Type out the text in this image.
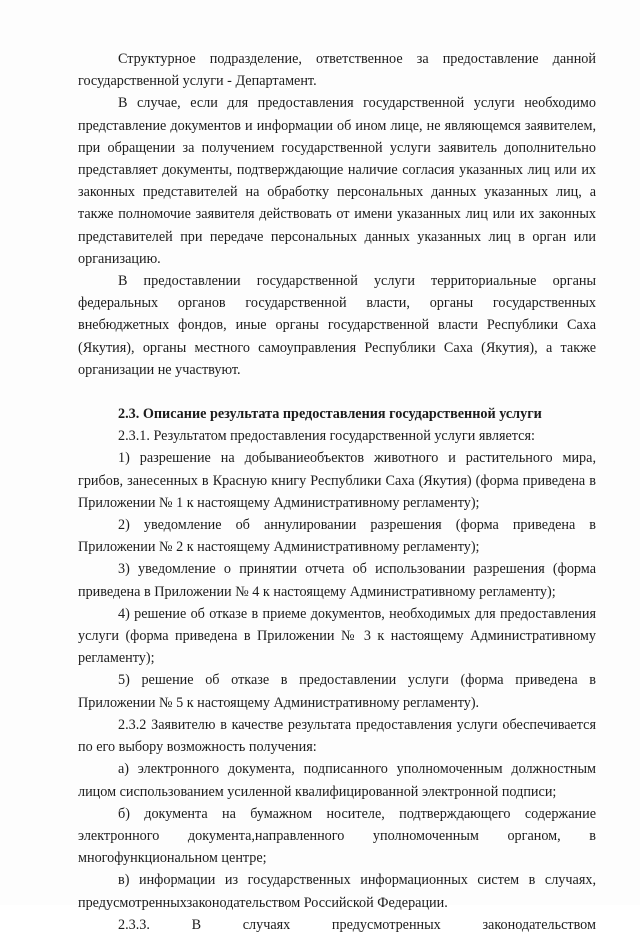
Структурное подразделение, ответственное за предоставление данной государственной услуги - Департамент.

В случае, если для предоставления государственной услуги необходимо представление документов и информации об ином лице, не являющемся заявителем, при обращении за получением государственной услуги заявитель дополнительно представляет документы, подтверждающие наличие согласия указанных лиц или их законных представителей на обработку персональных данных указанных лиц, а также полномочие заявителя действовать от имени указанных лиц или их законных представителей при передаче персональных данных указанных лиц в орган или организацию.

В предоставлении государственной услуги территориальные органы федеральных органов государственной власти, органы государственных внебюджетных фондов, иные органы государственной власти Республики Саха (Якутия), органы местного самоуправления Республики Саха (Якутия), а также организации не участвуют.

2.3. Описание результата предоставления государственной услуги

2.3.1. Результатом предоставления государственной услуги является:

1) разрешение на добываниеобъектов животного и растительного мира, грибов, занесенных в Красную книгу Республики Саха (Якутия) (форма приведена в Приложении № 1 к настоящему Административному регламенту);

2) уведомление об аннулировании разрешения (форма приведена в Приложении № 2 к настоящему Административному регламенту);

3) уведомление о принятии отчета об использовании разрешения (форма приведена в Приложении № 4 к настоящему Административному регламенту);

4) решение об отказе в приеме документов, необходимых для предоставления услуги (форма приведена в Приложении № 3 к настоящему Административному регламенту);

5) решение об отказе в предоставлении услуги (форма приведена в Приложении № 5 к настоящему Административному регламенту).

2.3.2 Заявителю в качестве результата предоставления услуги обеспечивается по его выбору возможность получения:

а) электронного документа, подписанного уполномоченным должностным лицом сиспользованием усиленной квалифицированной электронной подписи;

б) документа на бумажном носителе, подтверждающего содержание электронного документа,направленного уполномоченным органом, в многофункциональном центре;

в) информации из государственных информационных систем в случаях, предусмотренныхзаконодательством Российской Федерации.

2.3.3. В случаях предусмотренных законодательством
